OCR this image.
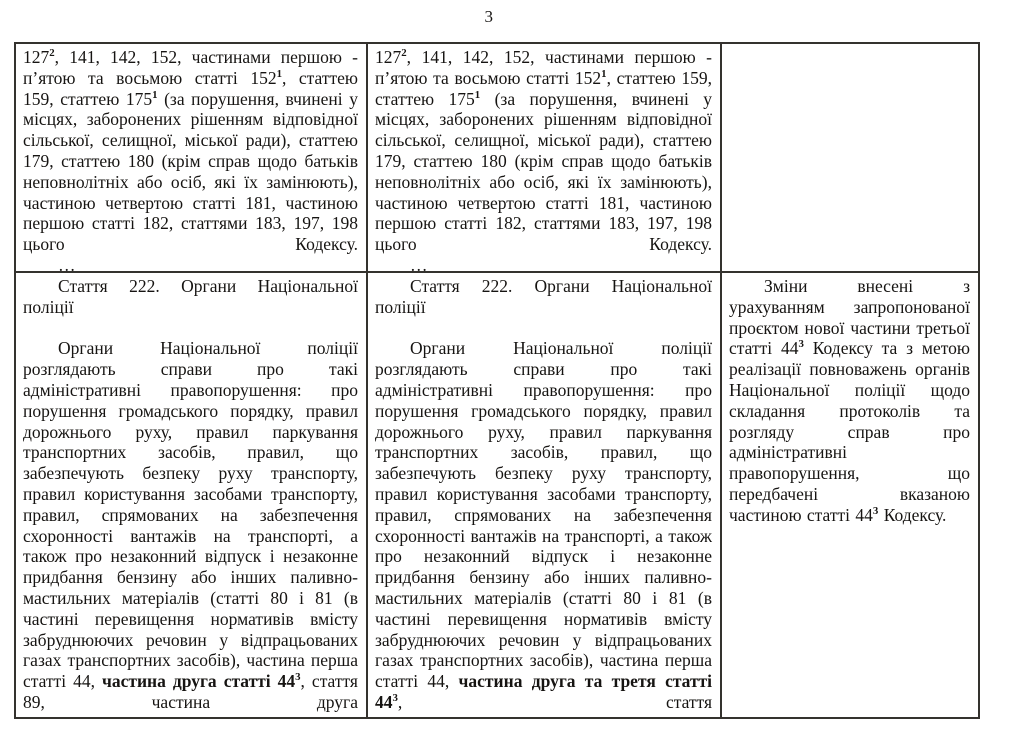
3

$127^2$, 141, 142, 152, частинами першою - п’ятою та восьмою статті $152^1$, статтею 159, статтею $175^1$ (за порушення, вчинені у місцях, заборонених рішенням відповідної сільської, селищної, міської ради), статтею 179, статтею 180 (крім справ щодо батьків неповнолітніх або осіб, які їх замінюють), частиною четвертою статті 181, частиною першою статті 182, статтями 183, 197, 198 цього Кодексу.

…

$127^2$, 141, 142, 152, частинами першою - п’ятою та восьмою статті $152^1$, статтею 159, статтею $175^1$ (за порушення, вчинені у місцях, заборонених рішенням відповідної сільської, селищної, міської ради), статтею 179, статтею 180 (крім справ щодо батьків неповнолітніх або осіб, які їх замінюють), частиною четвертою статті 181, частиною першою статті 182, статтями 183, 197, 198 цього Кодексу.

…

Стаття 222. Органи Національної поліції

Органи Національної поліції розглядають справи про такі адміністративні правопорушення: про порушення громадського порядку, правил дорожнього руху, правил паркування транспортних засобів, правил, що забезпечують безпеку руху транспорту, правил користування засобами транспорту, правил, спрямованих на забезпечення схоронності вантажів на транспорті, а також про незаконний відпуск і незаконне придбання бензину або інших паливно-мастильних матеріалів (статті 80 і 81 (в частині перевищення нормативів вмісту забруднюючих речовин у відпрацьованих газах транспортних засобів), частина перша статті 44, частина друга статті $44^3$, стаття 89, частина друга

Стаття 222. Органи Національної поліції

Органи Національної поліції розглядають справи про такі адміністративні правопорушення: про порушення громадського порядку, правил дорожнього руху, правил паркування транспортних засобів, правил, що забезпечують безпеку руху транспорту, правил користування засобами транспорту, правил, спрямованих на забезпечення схоронності вантажів на транспорті, а також про незаконний відпуск і незаконне придбання бензину або інших паливно-мастильних матеріалів (статті 80 і 81 (в частині перевищення нормативів вмісту забруднюючих речовин у відпрацьованих газах транспортних засобів), частина перша статті 44, частина друга та третя статті $44^3$, стаття

Зміни внесені з урахуванням запропонованої проєктом нової частини третьої статті $44^3$ Кодексу та з метою реалізації повноважень органів Національної поліції щодо складання протоколів та розгляду справ про адміністративні правопорушення, що передбачені вказаною частиною статті $44^3$ Кодексу.
